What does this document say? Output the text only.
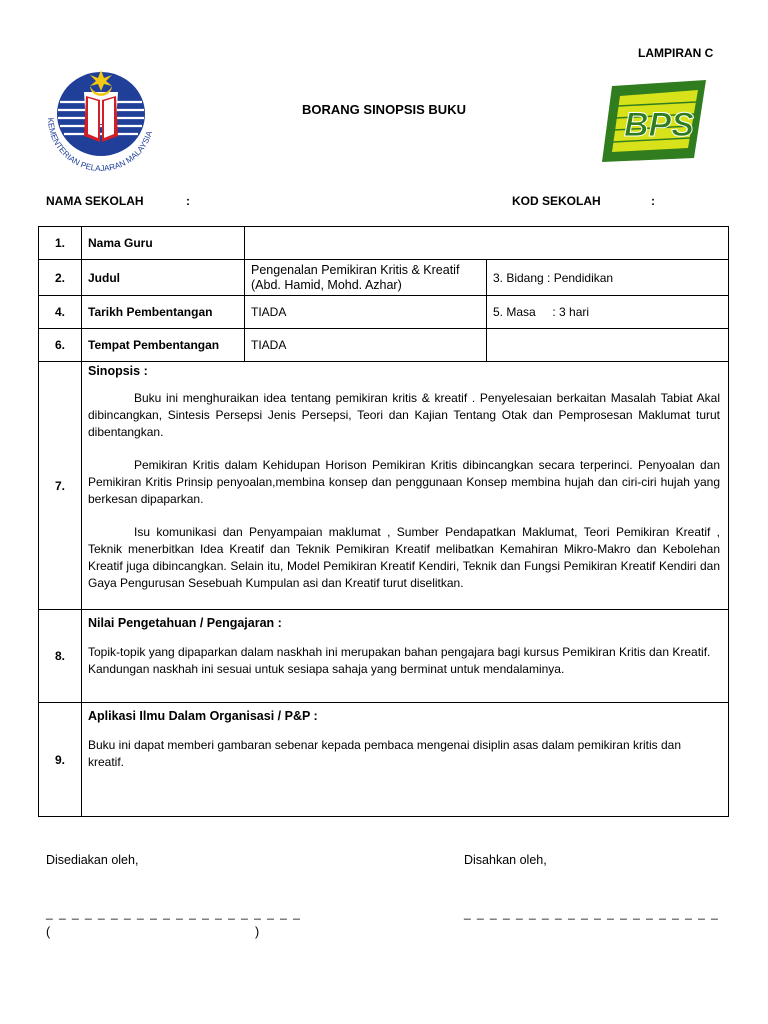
LAMPIRAN C
KEMENTERIAN PELAJARAN MALAYSIA
BORANG SINOPSIS BUKU	BPS
NAMA SEKOLAH	:	KOD SEKOLAH	:
1.	Nama Guru		
2.	Judul	Pengenalan Pemikiran Kritis & Kreatif (Abd. Hamid, Mohd. Azhar)	3. Bidang : Pendidikan
4.	Tarikh Pembentangan	TIADA	5. Masa     : 3 hari
6.	Tempat Pembentangan	TIADA	
7.	Sinopsis :
Buku ini menghuraikan idea tentang pemikiran kritis & kreatif . Penyelesaian berkaitan Masalah Tabiat Akal dibincangkan, Sintesis Persepsi Jenis Persepsi, Teori dan Kajian Tentang Otak dan Pemprosesan Maklumat turut dibentangkan.
Pemikiran Kritis dalam Kehidupan Horison Pemikiran Kritis dibincangkan secara terperinci. Penyoalan dan Pemikiran Kritis Prinsip penyoalan,membina konsep dan penggunaan Konsep membina hujah dan ciri-ciri hujah yang berkesan dipaparkan.
Isu komunikasi dan Penyampaian maklumat , Sumber Pendapatkan Maklumat, Teori Pemikiran Kreatif , Teknik menerbitkan Idea Kreatif dan Teknik Pemikiran Kreatif melibatkan Kemahiran Mikro-Makro dan Kebolehan Kreatif juga dibincangkan. Selain itu, Model Pemikiran Kreatif Kendiri, Teknik dan Fungsi Pemikiran Kreatif Kendiri dan Gaya Pengurusan Sesebuah Kumpulan asi dan Kreatif turut diselitkan.		

8.	Nilai Pengetahuan / Pengajaran :
Topik-topik yang dipaparkan dalam naskhah ini merupakan bahan pengajara bagi kursus Pemikiran Kritis dan Kreatif. Kandungan naskhah ini sesuai untuk sesiapa sahaja yang berminat untuk mendalaminya.		

9.	Aplikasi Ilmu Dalam Organisasi / P&P :
Buku ini dapat memberi gambaran sebenar kepada pembaca mengenai disiplin asas dalam pemikiran kritis dan kreatif.		
Disediakan oleh,	Disahkan oleh,
_ _ _ _ _ _ _ _ _ _ _ _ _ _ _ _ _ _ _ _	_ _ _ _ _ _ _ _ _ _ _ _ _ _ _ _ _ _ _ _
(	)
